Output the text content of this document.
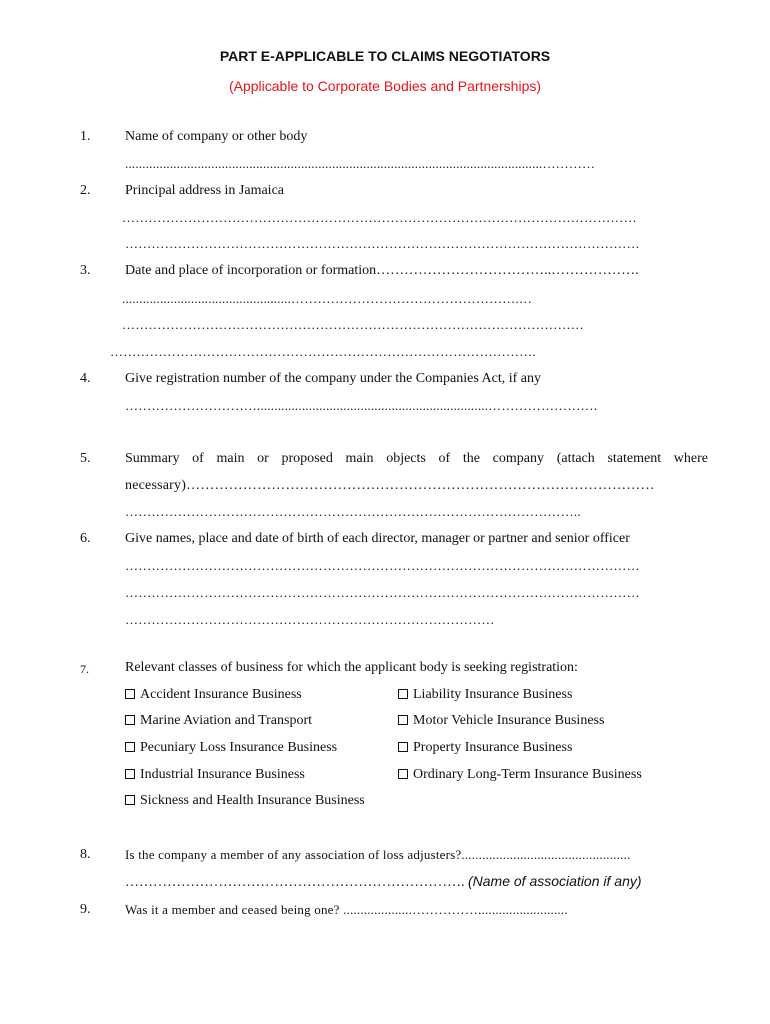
PART E-APPLICABLE TO CLAIMS NEGOTIATORS
(Applicable to Corporate Bodies and Partnerships)
1. Name of company or other body
.........................................................................................................................…………
2. Principal address in Jamaica
………………………………………………………………………………………………………
………………………………………………………………………………………………………
3. Date and place of incorporation or formation………………………………..……………….
.................................................…………………………………………….…
……………………………………………………………………………………………
…………………………………………………………………………………….
4. Give registration number of the company under the Companies Act, if any
…………………………...................................................................…………………….
5. Summary of main or proposed main objects of the company (attach statement where
necessary)………………………………………………………………………………………
…………………………………………………………………………………………..
6. Give names, place and date of birth of each director, manager or partner and senior officer
………………………………………………………………………………………………………
………………………………………………………………………………………………………
…………………………………………………………………………
7.	Relevant classes of business for which the applicant body is seeking registration:
Accident Insurance Business	Liability Insurance Business
Marine Aviation and Transport	Motor Vehicle Insurance Business
Pecuniary Loss Insurance Business	Property Insurance Business
Industrial Insurance Business	Ordinary Long-Term Insurance Business
Sickness and Health Insurance Business
8.	Is the company a member of any association of loss adjusters?.................................................
………………………………………………………………. (Name of association if any)
9.	Was it a member and ceased being one? ....................……………..........................
